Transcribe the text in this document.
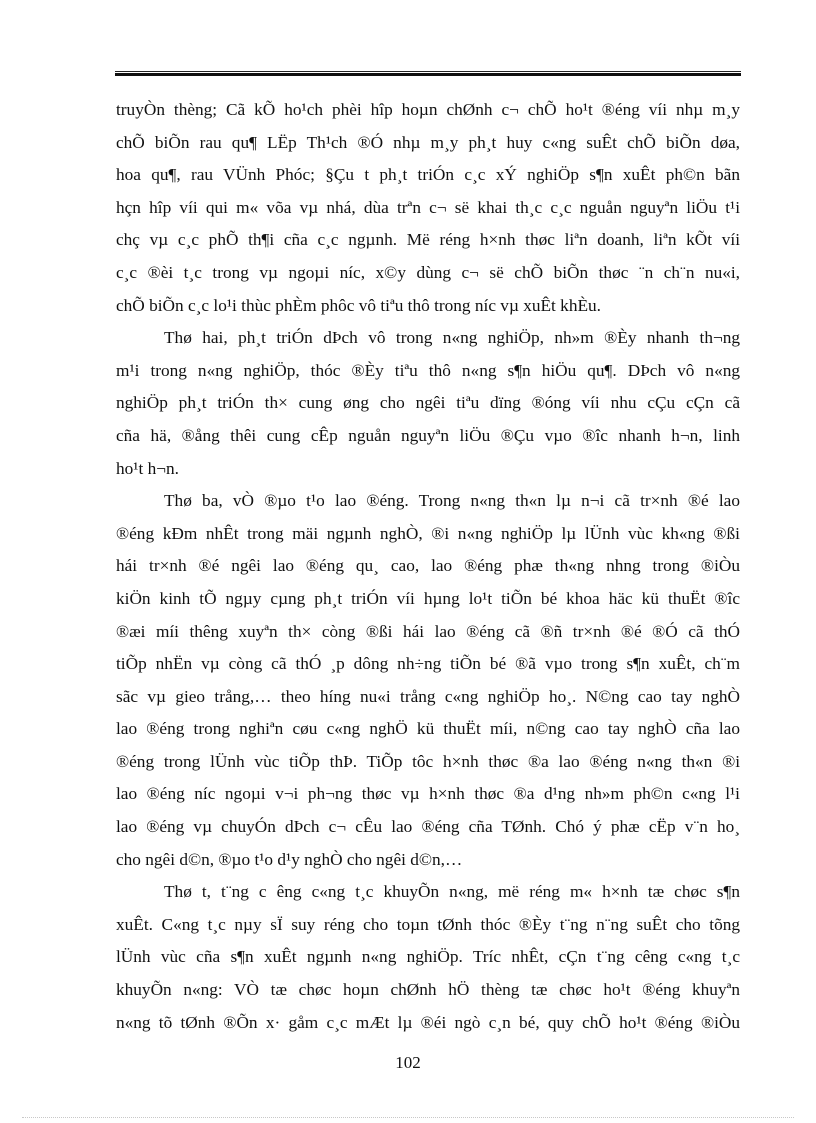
truyÒn thèng; Cã kÕ ho¹ch phèi hîp hoµn chØnh c¬ chÕ ho¹t ®éng víi nhµ m¸y
chÕ biÕn rau qu¶ LËp Th¹ch ®Ó nhµ m¸y ph¸t huy c«ng suÊt chÕ biÕn døa,
hoa qu¶, rau VÜnh Phóc; §Çu t ph¸t triÓn c¸c xÝ nghiÖp s¶n xuÊt ph©n bãn
hçn hîp víi qui m« võa vµ nhá, dùa trªn c¬ së khai th¸c c¸c nguån nguyªn liÖu t¹i
chç vµ c¸c phÕ th¶i cña c¸c ngµnh. Më réng h×nh thøc liªn doanh, liªn kÕt víi
c¸c ®èi t¸c trong vµ ngoµi níc, x©y dùng c¬ së chÕ biÕn thøc ¨n ch¨n nu«i,
chÕ biÕn c¸c lo¹i thùc phÈm phôc vô tiªu thô trong níc vµ xuÊt khÈu.

Thø hai, ph¸t triÓn dÞch vô trong n«ng nghiÖp, nh»m ®Èy nhanh th¬ng
m¹i trong n«ng nghiÖp, thóc ®Èy tiªu thô n«ng s¶n hiÖu qu¶. DÞch vô n«ng
nghiÖp ph¸t triÓn th× cung øng cho ngêi tiªu dïng ®óng víi nhu cÇu cÇn cã
cña hä, ®ång thêi cung cÊp nguån nguyªn liÖu ®Çu vµo ®îc nhanh h¬n, linh
ho¹t h¬n.

Thø ba, vÒ ®µo t¹o lao ®éng. Trong n«ng th«n lµ n¬i cã tr×nh ®é lao
®éng kÐm nhÊt trong mäi ngµnh nghÒ, ®i n«ng nghiÖp lµ lÜnh vùc kh«ng ®ßi
hái tr×nh ®é ngêi lao ®éng qu¸ cao, lao ®éng phæ th«ng nhng trong ®iÒu
kiÖn kinh tÕ ngµy cµng ph¸t triÓn víi hµng lo¹t tiÕn bé khoa häc kü thuËt ®îc
®æi míi thêng xuyªn th× còng ®ßi hái lao ®éng cã ®ñ tr×nh ®é ®Ó cã thÓ
tiÕp nhËn vµ còng cã thÓ ¸p dông nh÷ng tiÕn bé ®ã vµo trong s¶n xuÊt, ch¨m
sãc vµ gieo trång,… theo híng nu«i trång c«ng nghiÖp ho¸. N©ng cao tay nghÒ
lao ®éng trong nghiªn cøu c«ng nghÖ kü thuËt míi, n©ng cao tay nghÒ cña lao
®éng trong lÜnh vùc tiÕp thÞ. TiÕp tôc h×nh thøc ®a lao ®éng n«ng th«n ®i
lao ®éng níc ngoµi v¬i ph¬ng thøc vµ h×nh thøc ®a d¹ng nh»m ph©n c«ng l¹i
lao ®éng vµ chuyÓn dÞch c¬ cÊu lao ®éng cña TØnh. Chó ý phæ cËp v¨n ho¸
cho ngêi d©n, ®µo t¹o d¹y nghÒ cho ngêi d©n,…

Thø t, t¨ng c êng c«ng t¸c khuyÕn n«ng, më réng m« h×nh tæ chøc s¶n
xuÊt. C«ng t¸c nµy sÏ suy réng cho toµn tØnh thóc ®Èy t¨ng n¨ng suÊt cho tõng
lÜnh vùc cña s¶n xuÊt ngµnh n«ng nghiÖp. Tríc nhÊt, cÇn t¨ng cêng c«ng t¸c
khuyÕn n«ng: VÒ tæ chøc hoµn chØnh hÖ thèng tæ chøc ho¹t ®éng khuyªn
n«ng tõ tØnh ®Õn x· gåm c¸c mÆt lµ ®éi ngò c¸n bé, quy chÕ ho¹t ®éng ®iÒu

102
